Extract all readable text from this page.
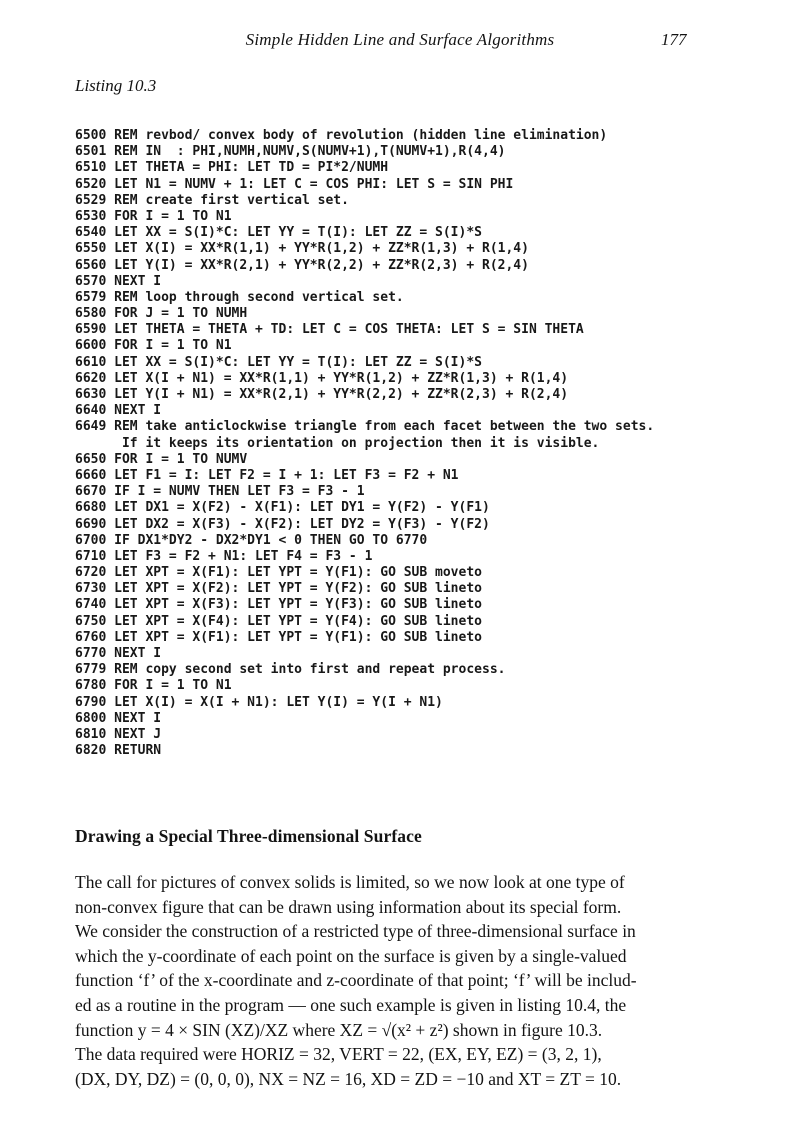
Simple Hidden Line and Surface Algorithms	177
Listing 10.3
6500 REM revbod/ convex body of revolution (hidden line elimination)
6501 REM IN  : PHI,NUMH,NUMV,S(NUMV+1),T(NUMV+1),R(4,4)
6510 LET THETA = PHI: LET TD = PI*2/NUMH
6520 LET N1 = NUMV + 1: LET C = COS PHI: LET S = SIN PHI
6529 REM create first vertical set.
6530 FOR I = 1 TO N1
6540 LET XX = S(I)*C: LET YY = T(I): LET ZZ = S(I)*S
6550 LET X(I) = XX*R(1,1) + YY*R(1,2) + ZZ*R(1,3) + R(1,4)
6560 LET Y(I) = XX*R(2,1) + YY*R(2,2) + ZZ*R(2,3) + R(2,4)
6570 NEXT I
6579 REM loop through second vertical set.
6580 FOR J = 1 TO NUMH
6590 LET THETA = THETA + TD: LET C = COS THETA: LET S = SIN THETA
6600 FOR I = 1 TO N1
6610 LET XX = S(I)*C: LET YY = T(I): LET ZZ = S(I)*S
6620 LET X(I + N1) = XX*R(1,1) + YY*R(1,2) + ZZ*R(1,3) + R(1,4)
6630 LET Y(I + N1) = XX*R(2,1) + YY*R(2,2) + ZZ*R(2,3) + R(2,4)
6640 NEXT I
6649 REM take anticlockwise triangle from each facet between the two sets.
If it keeps its orientation on projection then it is visible.
6650 FOR I = 1 TO NUMV
6660 LET F1 = I: LET F2 = I + 1: LET F3 = F2 + N1
6670 IF I = NUMV THEN LET F3 = F3 - 1
6680 LET DX1 = X(F2) - X(F1): LET DY1 = Y(F2) - Y(F1)
6690 LET DX2 = X(F3) - X(F2): LET DY2 = Y(F3) - Y(F2)
6700 IF DX1*DY2 - DX2*DY1 < 0 THEN GO TO 6770
6710 LET F3 = F2 + N1: LET F4 = F3 - 1
6720 LET XPT = X(F1): LET YPT = Y(F1): GO SUB moveto
6730 LET XPT = X(F2): LET YPT = Y(F2): GO SUB lineto
6740 LET XPT = X(F3): LET YPT = Y(F3): GO SUB lineto
6750 LET XPT = X(F4): LET YPT = Y(F4): GO SUB lineto
6760 LET XPT = X(F1): LET YPT = Y(F1): GO SUB lineto
6770 NEXT I
6779 REM copy second set into first and repeat process.
6780 FOR I = 1 TO N1
6790 LET X(I) = X(I + N1): LET Y(I) = Y(I + N1)
6800 NEXT I
6810 NEXT J
6820 RETURN
Drawing a Special Three-dimensional Surface
The call for pictures of convex solids is limited, so we now look at one type of
non-convex figure that can be drawn using information about its special form.
We consider the construction of a restricted type of three-dimensional surface in
which the y-coordinate of each point on the surface is given by a single-valued
function ‘f’ of the x-coordinate and z-coordinate of that point; ‘f’ will be includ-
ed as a routine in the program — one such example is given in listing 10.4, the
function y = 4 × SIN (XZ)/XZ where XZ = √(x² + z²) shown in figure 10.3.
The data required were HORIZ = 32, VERT = 22, (EX, EY, EZ) = (3, 2, 1),
(DX, DY, DZ) = (0, 0, 0), NX = NZ = 16, XD = ZD = −10 and XT = ZT = 10.
